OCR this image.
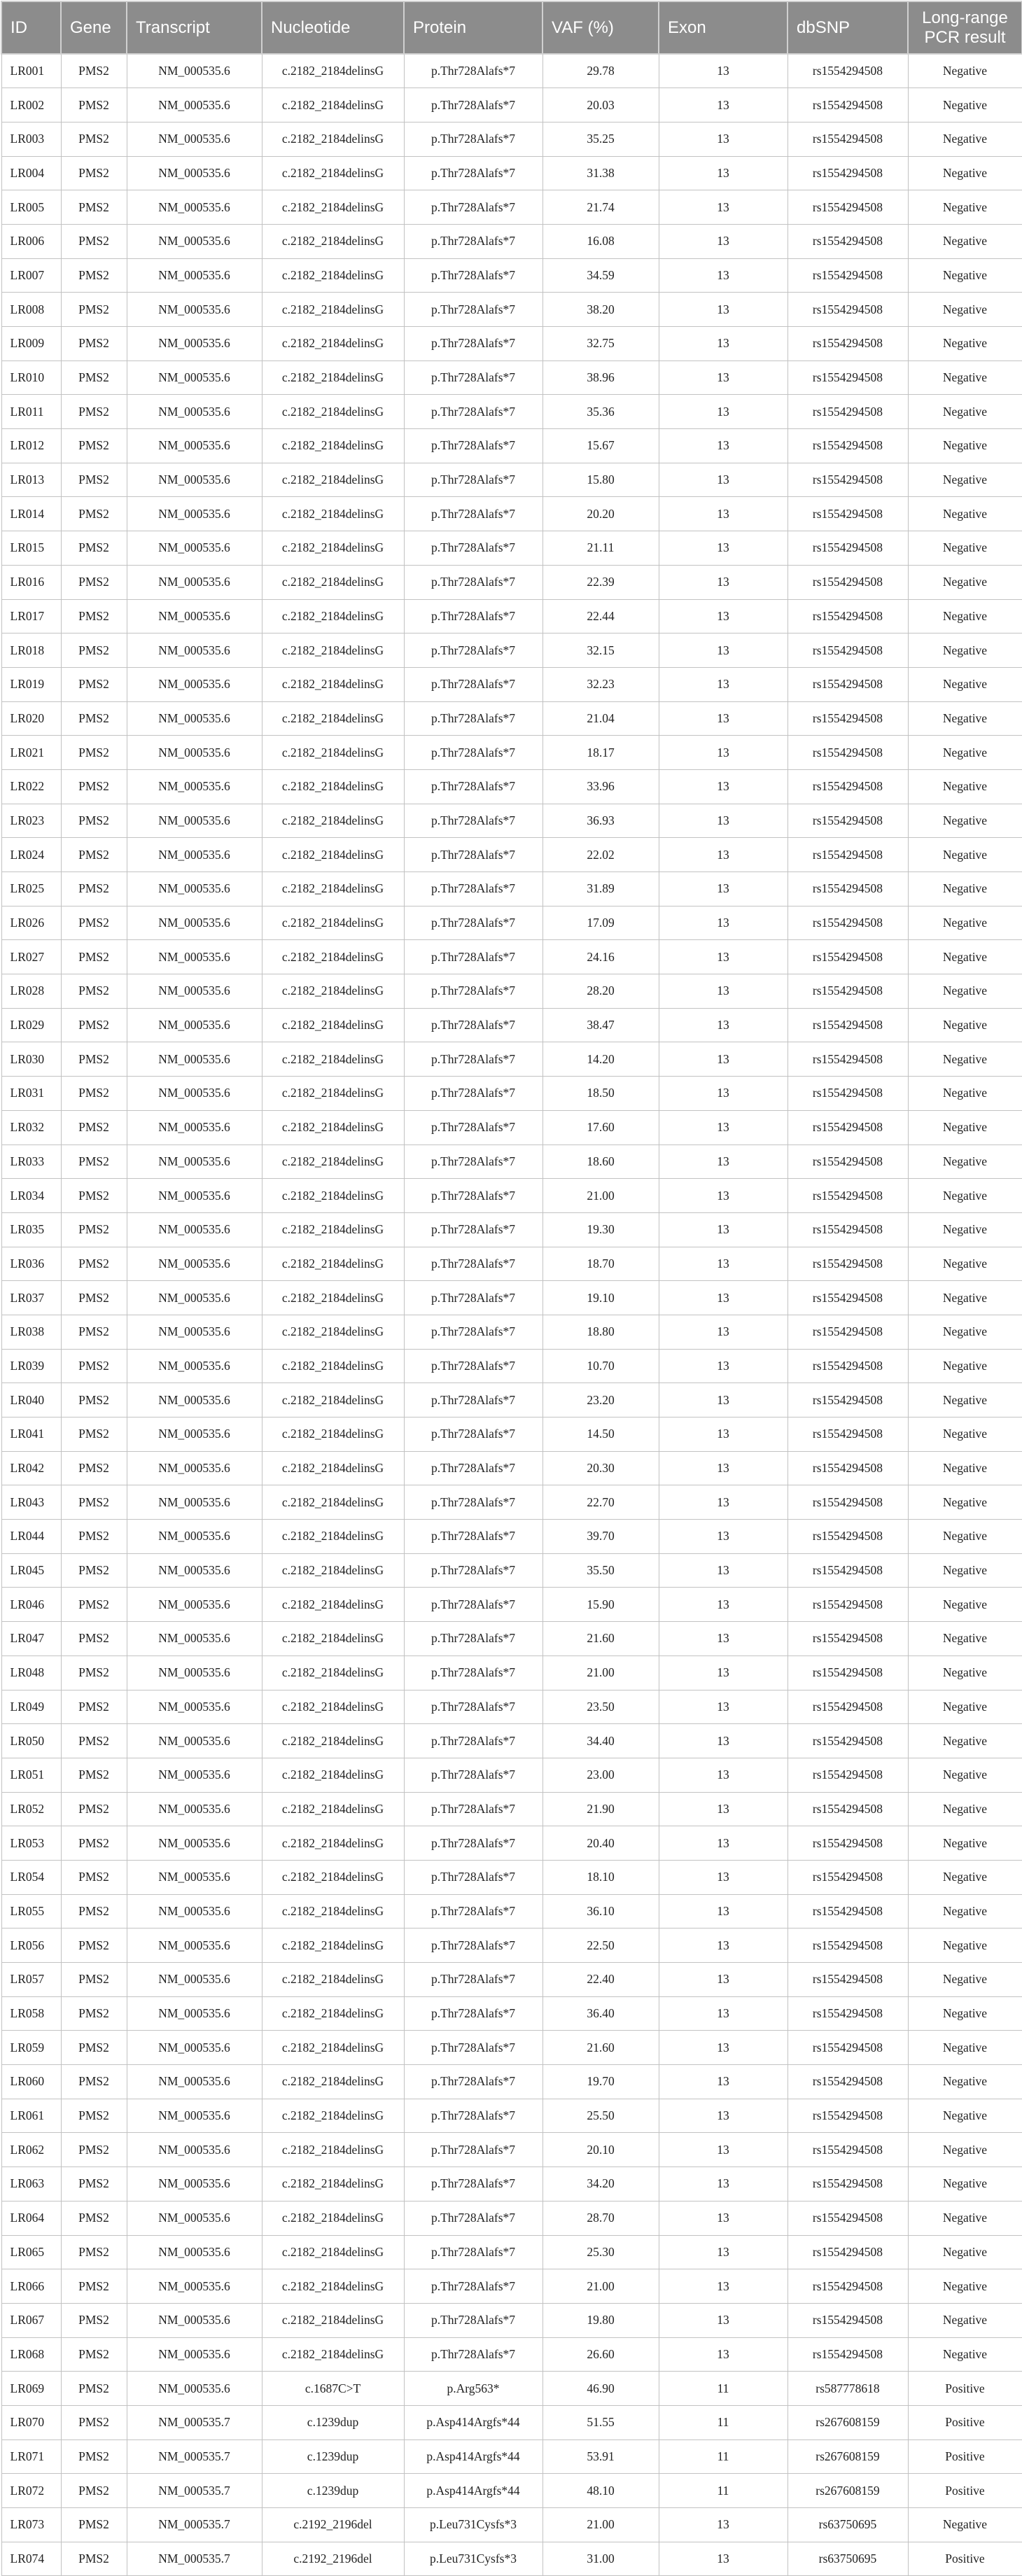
ID	Gene	Transcript	Nucleotide	Protein	VAF (%)	Exon	dbSNP	Long-range PCR result
LR001	PMS2	NM_000535.6	c.2182_2184delinsG	p.Thr728Alafs*7	29.78	13	rs1554294508	Negative
LR002	PMS2	NM_000535.6	c.2182_2184delinsG	p.Thr728Alafs*7	20.03	13	rs1554294508	Negative
LR003	PMS2	NM_000535.6	c.2182_2184delinsG	p.Thr728Alafs*7	35.25	13	rs1554294508	Negative
LR004	PMS2	NM_000535.6	c.2182_2184delinsG	p.Thr728Alafs*7	31.38	13	rs1554294508	Negative
LR005	PMS2	NM_000535.6	c.2182_2184delinsG	p.Thr728Alafs*7	21.74	13	rs1554294508	Negative
LR006	PMS2	NM_000535.6	c.2182_2184delinsG	p.Thr728Alafs*7	16.08	13	rs1554294508	Negative
LR007	PMS2	NM_000535.6	c.2182_2184delinsG	p.Thr728Alafs*7	34.59	13	rs1554294508	Negative
LR008	PMS2	NM_000535.6	c.2182_2184delinsG	p.Thr728Alafs*7	38.20	13	rs1554294508	Negative
LR009	PMS2	NM_000535.6	c.2182_2184delinsG	p.Thr728Alafs*7	32.75	13	rs1554294508	Negative
LR010	PMS2	NM_000535.6	c.2182_2184delinsG	p.Thr728Alafs*7	38.96	13	rs1554294508	Negative
LR011	PMS2	NM_000535.6	c.2182_2184delinsG	p.Thr728Alafs*7	35.36	13	rs1554294508	Negative
LR012	PMS2	NM_000535.6	c.2182_2184delinsG	p.Thr728Alafs*7	15.67	13	rs1554294508	Negative
LR013	PMS2	NM_000535.6	c.2182_2184delinsG	p.Thr728Alafs*7	15.80	13	rs1554294508	Negative
LR014	PMS2	NM_000535.6	c.2182_2184delinsG	p.Thr728Alafs*7	20.20	13	rs1554294508	Negative
LR015	PMS2	NM_000535.6	c.2182_2184delinsG	p.Thr728Alafs*7	21.11	13	rs1554294508	Negative
LR016	PMS2	NM_000535.6	c.2182_2184delinsG	p.Thr728Alafs*7	22.39	13	rs1554294508	Negative
LR017	PMS2	NM_000535.6	c.2182_2184delinsG	p.Thr728Alafs*7	22.44	13	rs1554294508	Negative
LR018	PMS2	NM_000535.6	c.2182_2184delinsG	p.Thr728Alafs*7	32.15	13	rs1554294508	Negative
LR019	PMS2	NM_000535.6	c.2182_2184delinsG	p.Thr728Alafs*7	32.23	13	rs1554294508	Negative
LR020	PMS2	NM_000535.6	c.2182_2184delinsG	p.Thr728Alafs*7	21.04	13	rs1554294508	Negative
LR021	PMS2	NM_000535.6	c.2182_2184delinsG	p.Thr728Alafs*7	18.17	13	rs1554294508	Negative
LR022	PMS2	NM_000535.6	c.2182_2184delinsG	p.Thr728Alafs*7	33.96	13	rs1554294508	Negative
LR023	PMS2	NM_000535.6	c.2182_2184delinsG	p.Thr728Alafs*7	36.93	13	rs1554294508	Negative
LR024	PMS2	NM_000535.6	c.2182_2184delinsG	p.Thr728Alafs*7	22.02	13	rs1554294508	Negative
LR025	PMS2	NM_000535.6	c.2182_2184delinsG	p.Thr728Alafs*7	31.89	13	rs1554294508	Negative
LR026	PMS2	NM_000535.6	c.2182_2184delinsG	p.Thr728Alafs*7	17.09	13	rs1554294508	Negative
LR027	PMS2	NM_000535.6	c.2182_2184delinsG	p.Thr728Alafs*7	24.16	13	rs1554294508	Negative
LR028	PMS2	NM_000535.6	c.2182_2184delinsG	p.Thr728Alafs*7	28.20	13	rs1554294508	Negative
LR029	PMS2	NM_000535.6	c.2182_2184delinsG	p.Thr728Alafs*7	38.47	13	rs1554294508	Negative
LR030	PMS2	NM_000535.6	c.2182_2184delinsG	p.Thr728Alafs*7	14.20	13	rs1554294508	Negative
LR031	PMS2	NM_000535.6	c.2182_2184delinsG	p.Thr728Alafs*7	18.50	13	rs1554294508	Negative
LR032	PMS2	NM_000535.6	c.2182_2184delinsG	p.Thr728Alafs*7	17.60	13	rs1554294508	Negative
LR033	PMS2	NM_000535.6	c.2182_2184delinsG	p.Thr728Alafs*7	18.60	13	rs1554294508	Negative
LR034	PMS2	NM_000535.6	c.2182_2184delinsG	p.Thr728Alafs*7	21.00	13	rs1554294508	Negative
LR035	PMS2	NM_000535.6	c.2182_2184delinsG	p.Thr728Alafs*7	19.30	13	rs1554294508	Negative
LR036	PMS2	NM_000535.6	c.2182_2184delinsG	p.Thr728Alafs*7	18.70	13	rs1554294508	Negative
LR037	PMS2	NM_000535.6	c.2182_2184delinsG	p.Thr728Alafs*7	19.10	13	rs1554294508	Negative
LR038	PMS2	NM_000535.6	c.2182_2184delinsG	p.Thr728Alafs*7	18.80	13	rs1554294508	Negative
LR039	PMS2	NM_000535.6	c.2182_2184delinsG	p.Thr728Alafs*7	10.70	13	rs1554294508	Negative
LR040	PMS2	NM_000535.6	c.2182_2184delinsG	p.Thr728Alafs*7	23.20	13	rs1554294508	Negative
LR041	PMS2	NM_000535.6	c.2182_2184delinsG	p.Thr728Alafs*7	14.50	13	rs1554294508	Negative
LR042	PMS2	NM_000535.6	c.2182_2184delinsG	p.Thr728Alafs*7	20.30	13	rs1554294508	Negative
LR043	PMS2	NM_000535.6	c.2182_2184delinsG	p.Thr728Alafs*7	22.70	13	rs1554294508	Negative
LR044	PMS2	NM_000535.6	c.2182_2184delinsG	p.Thr728Alafs*7	39.70	13	rs1554294508	Negative
LR045	PMS2	NM_000535.6	c.2182_2184delinsG	p.Thr728Alafs*7	35.50	13	rs1554294508	Negative
LR046	PMS2	NM_000535.6	c.2182_2184delinsG	p.Thr728Alafs*7	15.90	13	rs1554294508	Negative
LR047	PMS2	NM_000535.6	c.2182_2184delinsG	p.Thr728Alafs*7	21.60	13	rs1554294508	Negative
LR048	PMS2	NM_000535.6	c.2182_2184delinsG	p.Thr728Alafs*7	21.00	13	rs1554294508	Negative
LR049	PMS2	NM_000535.6	c.2182_2184delinsG	p.Thr728Alafs*7	23.50	13	rs1554294508	Negative
LR050	PMS2	NM_000535.6	c.2182_2184delinsG	p.Thr728Alafs*7	34.40	13	rs1554294508	Negative
LR051	PMS2	NM_000535.6	c.2182_2184delinsG	p.Thr728Alafs*7	23.00	13	rs1554294508	Negative
LR052	PMS2	NM_000535.6	c.2182_2184delinsG	p.Thr728Alafs*7	21.90	13	rs1554294508	Negative
LR053	PMS2	NM_000535.6	c.2182_2184delinsG	p.Thr728Alafs*7	20.40	13	rs1554294508	Negative
LR054	PMS2	NM_000535.6	c.2182_2184delinsG	p.Thr728Alafs*7	18.10	13	rs1554294508	Negative
LR055	PMS2	NM_000535.6	c.2182_2184delinsG	p.Thr728Alafs*7	36.10	13	rs1554294508	Negative
LR056	PMS2	NM_000535.6	c.2182_2184delinsG	p.Thr728Alafs*7	22.50	13	rs1554294508	Negative
LR057	PMS2	NM_000535.6	c.2182_2184delinsG	p.Thr728Alafs*7	22.40	13	rs1554294508	Negative
LR058	PMS2	NM_000535.6	c.2182_2184delinsG	p.Thr728Alafs*7	36.40	13	rs1554294508	Negative
LR059	PMS2	NM_000535.6	c.2182_2184delinsG	p.Thr728Alafs*7	21.60	13	rs1554294508	Negative
LR060	PMS2	NM_000535.6	c.2182_2184delinsG	p.Thr728Alafs*7	19.70	13	rs1554294508	Negative
LR061	PMS2	NM_000535.6	c.2182_2184delinsG	p.Thr728Alafs*7	25.50	13	rs1554294508	Negative
LR062	PMS2	NM_000535.6	c.2182_2184delinsG	p.Thr728Alafs*7	20.10	13	rs1554294508	Negative
LR063	PMS2	NM_000535.6	c.2182_2184delinsG	p.Thr728Alafs*7	34.20	13	rs1554294508	Negative
LR064	PMS2	NM_000535.6	c.2182_2184delinsG	p.Thr728Alafs*7	28.70	13	rs1554294508	Negative
LR065	PMS2	NM_000535.6	c.2182_2184delinsG	p.Thr728Alafs*7	25.30	13	rs1554294508	Negative
LR066	PMS2	NM_000535.6	c.2182_2184delinsG	p.Thr728Alafs*7	21.00	13	rs1554294508	Negative
LR067	PMS2	NM_000535.6	c.2182_2184delinsG	p.Thr728Alafs*7	19.80	13	rs1554294508	Negative
LR068	PMS2	NM_000535.6	c.2182_2184delinsG	p.Thr728Alafs*7	26.60	13	rs1554294508	Negative
LR069	PMS2	NM_000535.6	c.1687C>T	p.Arg563*	46.90	11	rs587778618	Positive
LR070	PMS2	NM_000535.7	c.1239dup	p.Asp414Argfs*44	51.55	11	rs267608159	Positive
LR071	PMS2	NM_000535.7	c.1239dup	p.Asp414Argfs*44	53.91	11	rs267608159	Positive
LR072	PMS2	NM_000535.7	c.1239dup	p.Asp414Argfs*44	48.10	11	rs267608159	Positive
LR073	PMS2	NM_000535.7	c.2192_2196del	p.Leu731Cysfs*3	21.00	13	rs63750695	Negative
LR074	PMS2	NM_000535.7	c.2192_2196del	p.Leu731Cysfs*3	31.00	13	rs63750695	Positive
